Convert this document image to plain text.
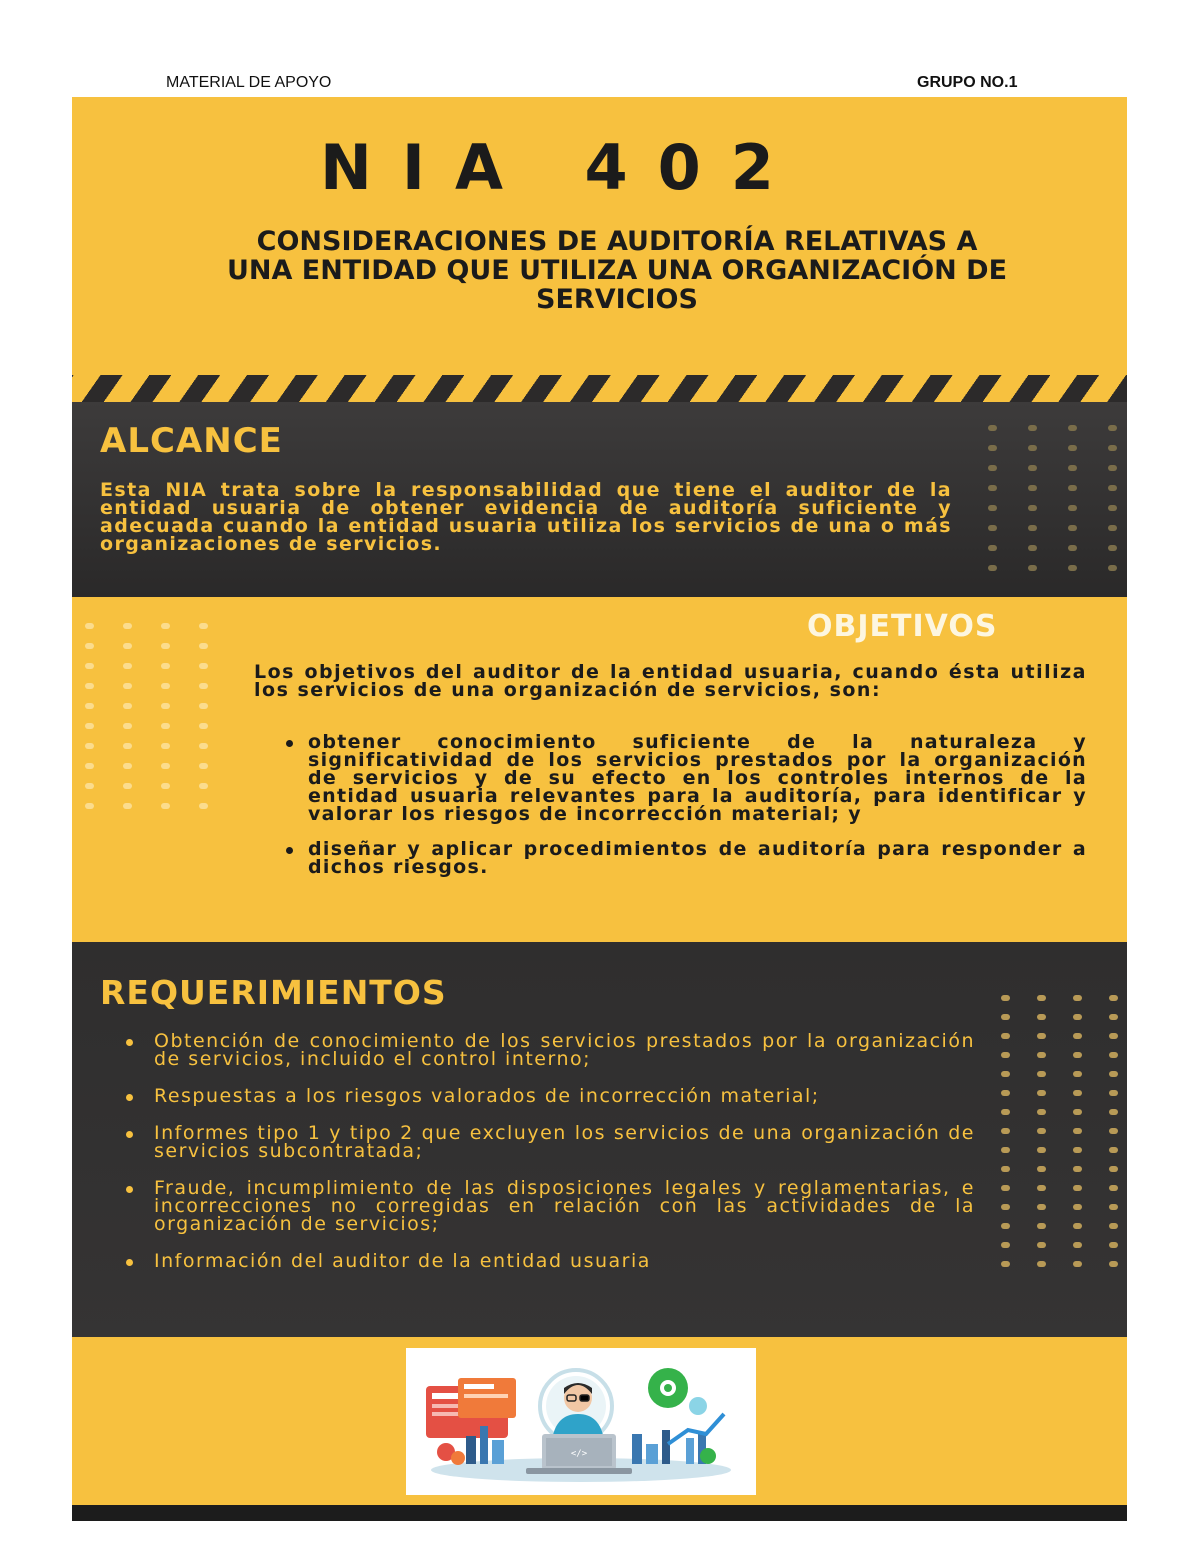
MATERIAL DE APOYO	GRUPO NO.1
NIA 402
CONSIDERACIONES DE AUDITORÍA RELATIVAS A UNA ENTIDAD QUE UTILIZA UNA ORGANIZACIÓN DE SERVICIOS
ALCANCE
Esta NIA trata sobre la responsabilidad que tiene el auditor de la entidad usuaria de obtener evidencia de auditoría suficiente y adecuada cuando la entidad usuaria utiliza los servicios de una o más organizaciones de servicios.
OBJETIVOS
Los objetivos del auditor de la entidad usuaria, cuando ésta utiliza los servicios de una organización de servicios, son:
obtener conocimiento suficiente de la naturaleza y significatividad de los servicios prestados por la organización de servicios y de su efecto en los controles internos de la entidad usuaria relevantes para la auditoría, para identificar y valorar los riesgos de incorrección material; y
diseñar y aplicar procedimientos de auditoría para responder a dichos riesgos.
REQUERIMIENTOS
Obtención de conocimiento de los servicios prestados por la organización de servicios, incluido el control interno;
Respuestas a los riesgos valorados de incorrección material;
Informes tipo 1 y tipo 2 que excluyen los servicios de una organización de servicios subcontratada;
Fraude, incumplimiento de las disposiciones legales y reglamentarias, e incorrecciones no corregidas en relación con las actividades de la organización de servicios;
Información del auditor de la entidad usuaria
</>
